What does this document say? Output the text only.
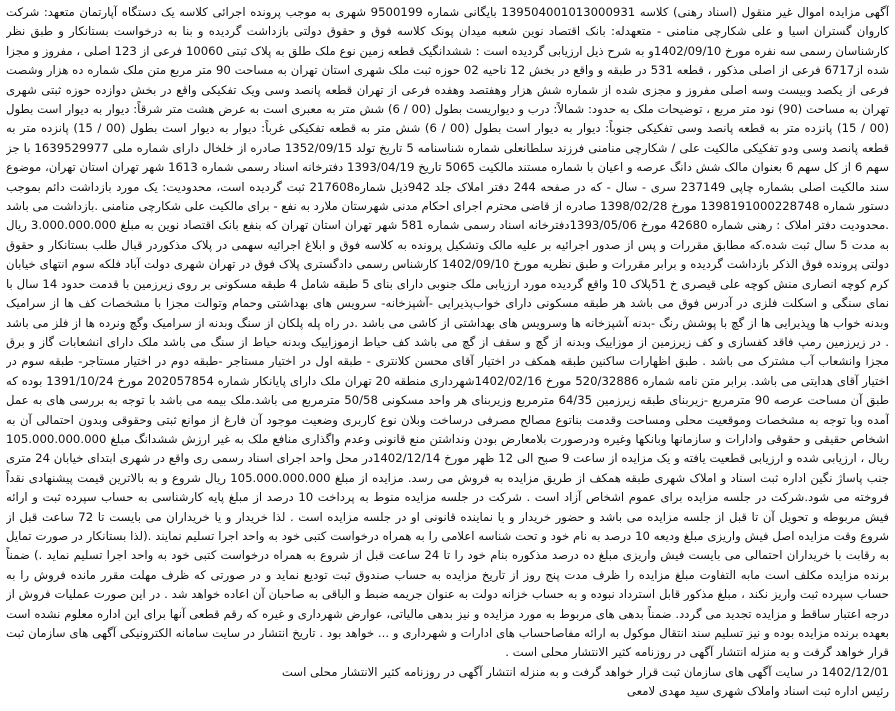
آگهی مزایده اموال غیر منقول (اسناد رهنی) کلاسه 139504001013000931 بایگانی شماره 9500199 شهری به موجب پرونده اجرائی کلاسه یک دستگاه آپارتمان متعهد: شرکت کاروان گستران اسیا و علی شکارچی منامنی - متعهدله: بانک اقتصاد نوین شعبه میدان پونک کلاسه فوق و حقوق دولتی بازداشت گردیده و بنا به درخواست بستانکار و طبق نظر کارشناسان رسمی سه نفره مورخ 1402/09/10و به شرح ذیل ارزیابی گردیده است : ششدانگیک قطعه زمین نوع ملک طلق به پلاک ثبتی 10060 فرعی از 123 اصلی ، مفروز و مجزا شده از6717 فرعی از اصلی مذکور ، قطعه 531 در طبقه و واقع در بخش 12 ناحیه 02 حوزه ثبت ملک شهری استان تهران به مساحت 90 متر مربع متن ملک شماره ده هزار وشصت فرعی از یکصد وبیست وسه اصلی مفروز و مجزی شده از شماره شش هزار وهفتصد وهفده فرعی از تهران قطعه پانصد وسی ویک تفکیکی واقع در بخش دوازده حوزه ثبتی شهری تهران به مساحت (90) نود متر مربع ، توضیحات ملک به حدود: شمالاً: درب و دیواریست بطول (00 / 6) شش متر به معبری است به عرض هشت متر شرقاً: دیوار به دیوار است بطول (00 / 15) پانزده متر به قطعه پانصد وسی تفکیکی جنوباً: دیوار به دیوار است بطول (00 / 6) شش متر به قطعه تفکیکی غرباً: دیوار به دیوار است بطول (00 / 15) پانزده متر به قطعه پانصد وسی ودو تفکیکی مالکیت علی / شکارچی منامنی فرزند سلطانعلی شماره شناسنامه 5 تاریخ تولد 1352/09/15 صادره از خلخال دارای شماره ملی 1639529977 با جز سهم 6 از کل سهم 6 بعنوان مالک شش دانگ عرصه و اعیان با شماره مستند مالکیت 5065 تاریخ 1393/04/19 دفترخانه اسناد رسمی شماره 1613 شهر تهران استان تهران، موضوع سند مالکیت اصلی بشماره چاپی 237149 سری - سال - که در صفحه 244 دفتر املاک جلد 942ذیل شماره217608 ثبت گردیده است، محدودیت: یک مورد بازداشت دائم بموجب دستور شماره 1398191000228748 مورخ 1398/02/28 صادره از قاضی محترم اجرای احکام مدنی شهرستان ملارد به نفع - برای مالکیت علی شکارچی منامنی .بازداشت می باشد .محدودیت دفتر املاک : رهنی شماره 42680 مورخ 1393/05/06دفترخانه اسناد رسمی شماره 581 شهر تهران استان تهران که بنفع بانک اقتصاد نوین به مبلغ 3.000.000.000 ریال به مدت 5 سال ثبت شده.که مطابق مقررات و پس از صدور اجرائیه بر علیه مالک وتشکیل پرونده به کلاسه فوق و ابلاغ اجرائیه سهمی در پلاک مذکوردر قبال طلب بستانکار و حقوق دولتی پرونده فوق الذکر بازداشت گردیده و برابر مقررات و طبق نظریه مورخ 1402/09/10 کارشناس رسمی دادگستری پلاک فوق در تهران شهری دولت آباد فلکه سوم انتهای خیابان کرم کوچه انصاری منش کوچه علی قیصری خ 51پلاک 10 واقع گردیده مورد ارزیابی ملک جنوبی دارای بنای 5 طبقه شامل 4 طبقه مسکونی بر روی زیرزمین با قدمت حدود 14 سال با نمای سنگی و اسکلت فلزی در آدرس فوق می باشد هر طبقه مسکونی دارای خواب‌پذیرایی -آشپزخانه- سرویس های بهداشتی وحمام وتوالت مجزا با مشخصات کف ها از سرامیک وبدنه خواب ها وپذیرایی ها از گچ با پوشش رنگ -بدنه آشپزخانه ها وسرویس های بهداشتی از کاشی می باشد .در راه پله پلکان از سنگ وبدنه از سرامیک وگچ ونرده ها از فلز می باشد . در زیرزمین رمپ فاقد کفسازی و کف زیرزمین از موزاییک وبدنه از گچ و سقف از گچ می باشد کف حیاط ازموزاییک وبدنه حیاط از سنگ می باشد ملک دارای انشعابات گاز و برق مجزا وانشعاب آب مشترک می باشد . طبق اظهارات ساکنین طبقه همکف در اختیار آقای محسن کلانتری - طبقه اول در اختیار مستاجر -طبقه دوم در اختیار مستاجر- طبقه سوم در اختیار آقای هدایتی می باشد. برابر متن نامه شماره 520/32886 مورخ 1402/02/16شهرداری منطقه 20 تهران ملک دارای پایانکار شماره 202057854 مورخ 1391/10/24 بوده که طبق آن مساحت عرصه 90 مترمربع -زیربنای طبقه زیرزمین 64/35 مترمربع وزیربنای هر واحد مسکونی 50/58 مترمربع می باشد.ملک بیمه می باشد با توجه به بررسی های به عمل آمده وبا توجه به مشخصات وموقعیت محلی ومساحت وقدمت بناتوع مصالح مصرفی درساخت وبلان نوع کاربری وضعیت موجود آن فارغ از موانع ثبتی وحقوقی وبدون احتمالی آن به اشخاص حقیقی و حقوقی وادارات و سازمانها وبانکها وغیره ودرصورت بلامعارض بودن ونداشتن منع قانونی وعدم واگذاری منافع ملک به غیر ارزش ششدانگ مبلغ 105.000.000.000 ریال ، ارزیابی شده و ارزیابی قطعیت یافته و یک مزایده از ساعت 9 صبح الی 12 ظهر مورخ 1402/12/14در محل واحد اجرای اسناد رسمی ری واقع در شهری ابتدای خیابان 24 متری جنب پاساژ نگین اداره ثبت اسناد و املاک شهری طبقه همکف از طریق مزایده به فروش می رسد. مزایده از مبلغ 105.000.000.000 ریال شروع و به بالاترین قیمت پیشنهادی نقداً فروخته می شود.شرکت در جلسه مزایده برای عموم اشخاص آزاد است . شرکت در جلسه مزایده منوط به پرداخت 10 درصد از مبلغ پایه کارشناسی به حساب سپرده ثبت و ارائه فیش مربوطه و تحویل آن تا قبل از جلسه مزایده می باشد و حضور خریدار و یا نماینده قانونی او در جلسه مزایده است . لذا خریدار و یا خریداران می بایست تا 72 ساعت قبل از شروع وقت مزایده اصل فیش واریزی مبلغ ودیعه 10 درصد به نام خود و تحت شناسه اعلامی را به همراه درخواست کتبی خود به واحد اجرا تسلیم نمایند .(لذا بستانکار در صورت تمایل به رقابت با خریداران احتمالی می بایست فیش واریزی مبلغ ده درصد مذکوره بنام خود را تا 24 ساعت قبل از شروع به همراه درخواست کتبی خود به واحد اجرا تسلیم نماید .) ضمناً برنده مزایده مکلف است مابه التفاوت مبلغ مزایده را ظرف مدت پنج روز از تاریخ مزایده به حساب صندوق ثبت تودیع نماید و در صورتی که ظرف مهلت مقرر مانده فروش را به حساب سپرده ثبت واریز نکند ، مبلغ مذکور قابل استرداد نبوده و به حساب خزانه دولت به عنوان جریمه ضبط و الباقی به صاحبان آن اعاده خواهد شد . در این صورت عملیات فروش از درجه اعتبار ساقط و مزایده تجدید می گردد. ضمناً بدهی های مربوط به مورد مزایده و نیز بدهی مالیاتی، عوارض شهرداری و غیره که رقم قطعی آنها برای این اداره معلوم نشده است بعهده برنده مزایده بوده و نیز تسلیم سند انتقال موکول به ارائه مفاصاحساب های ادارات و شهرداری و ... خواهد بود . تاریخ انتشار در سایت سامانه الکترونیکی آگهی های سازمان ثبت قرار خواهد گرفت و به منزله انتشار آگهی در روزنامه کثیر الانتشار محلی است .

1402/12/01 در سایت آگهی های سازمان ثبت قرار خواهد گرفت و به منزله انتشار آگهی در روزنامه کثیر الانتشار محلی است

رئیس اداره ثبت اسناد واملاک شهری سید مهدی لامعی
